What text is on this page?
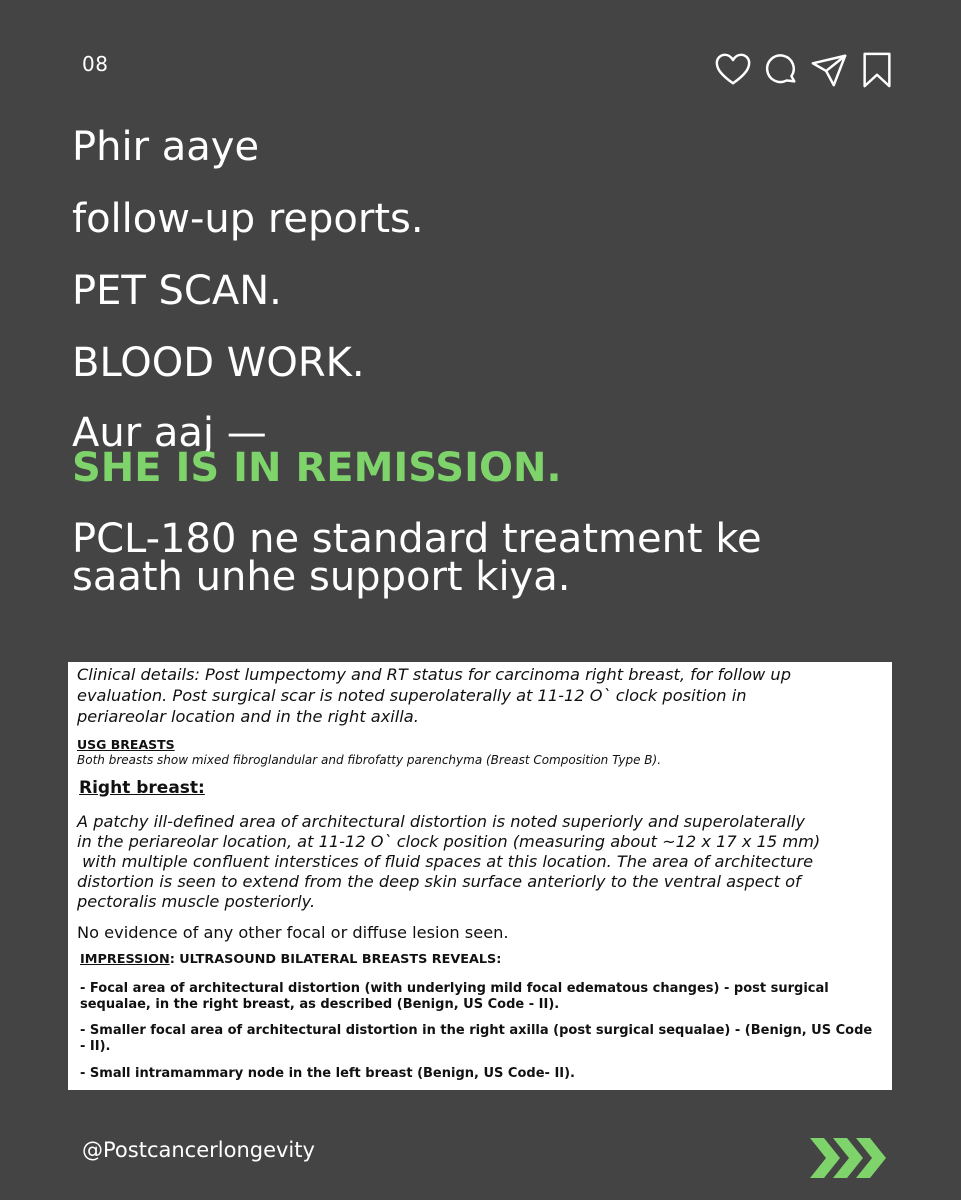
08
Phir aaye
follow-up reports.
PET SCAN.
BLOOD WORK.
Aur aaj —
SHE IS IN REMISSION.
PCL-180 ne standard treatment ke
saath unhe support kiya.
Clinical details: Post lumpectomy and RT status for carcinoma right breast, for follow up
evaluation. Post surgical scar is noted superolaterally at 11-12 O` clock position in
periareolar location and in the right axilla.
USG BREASTS
Both breasts show mixed fibroglandular and fibrofatty parenchyma (Breast Composition Type B).
Right breast:
A patchy ill-defined area of architectural distortion is noted superiorly and superolaterally
in the periareolar location, at 11-12 O` clock position (measuring about ~12 x 17 x 15 mm)
with multiple confluent interstices of fluid spaces at this location. The area of architecture
distortion is seen to extend from the deep skin surface anteriorly to the ventral aspect of
pectoralis muscle posteriorly.
No evidence of any other focal or diffuse lesion seen.
IMPRESSION: ULTRASOUND BILATERAL BREASTS REVEALS:
- Focal area of architectural distortion (with underlying mild focal edematous changes) - post surgical
sequalae, in the right breast, as described (Benign, US Code - II).
- Smaller focal area of architectural distortion in the right axilla (post surgical sequalae) - (Benign, US Code
- II).
- Small intramammary node in the left breast (Benign, US Code- II).
@Postcancerlongevity
